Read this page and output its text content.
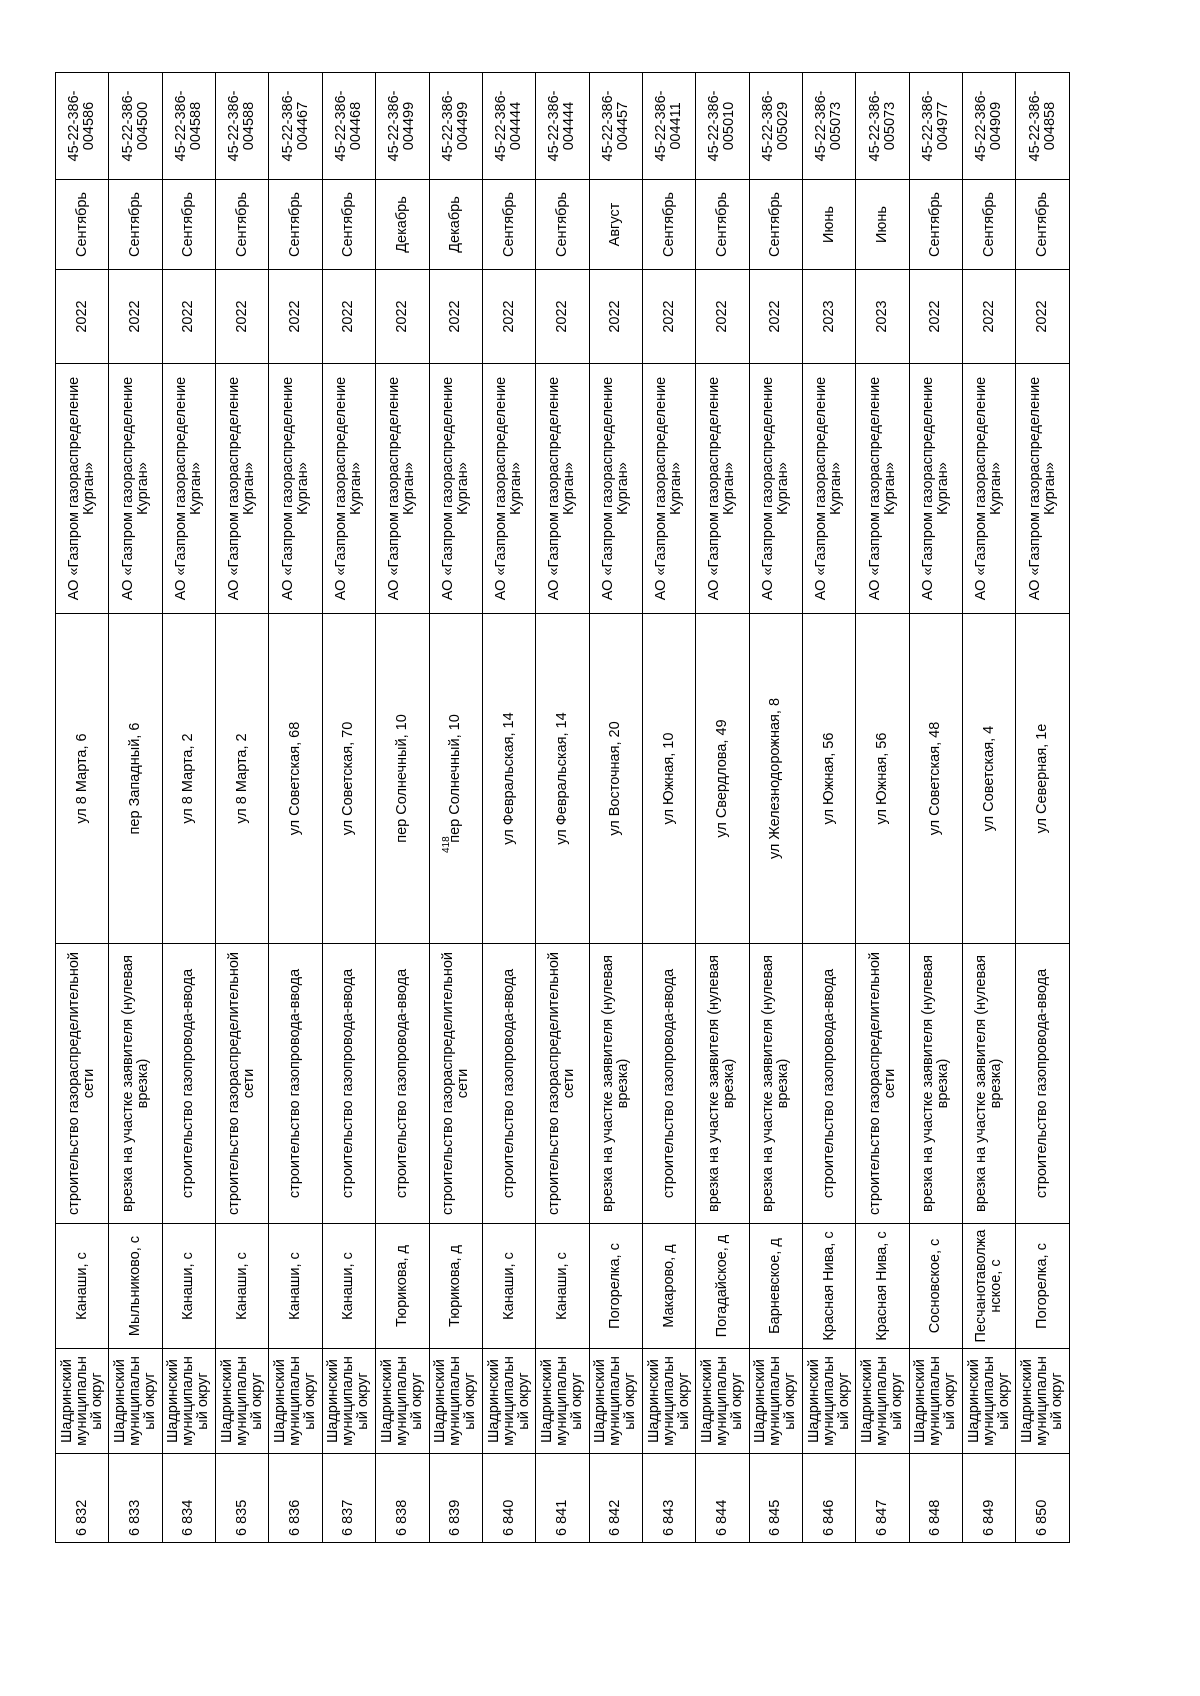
418
6 832	Шадринский муниципальный округ	Канаши, с	строительство газораспределительной сети	ул 8 Марта, 6	АО «Газпром газораспределение Курган»	2022	Сентябрь	45-22-386-004586
6 833	Шадринский муниципальный округ	Мыльниково, с	врезка на участке заявителя (нулевая врезка)	пер Западный, 6	АО «Газпром газораспределение Курган»	2022	Сентябрь	45-22-386-004500
6 834	Шадринский муниципальный округ	Канаши, с	строительство газопровода-ввода	ул 8 Марта, 2	АО «Газпром газораспределение Курган»	2022	Сентябрь	45-22-386-004588
6 835	Шадринский муниципальный округ	Канаши, с	строительство газораспределительной сети	ул 8 Марта, 2	АО «Газпром газораспределение Курган»	2022	Сентябрь	45-22-386-004588
6 836	Шадринский муниципальный округ	Канаши, с	строительство газопровода-ввода	ул Советская, 68	АО «Газпром газораспределение Курган»	2022	Сентябрь	45-22-386-004467
6 837	Шадринский муниципальный округ	Канаши, с	строительство газопровода-ввода	ул Советская, 70	АО «Газпром газораспределение Курган»	2022	Сентябрь	45-22-386-004468
6 838	Шадринский муниципальный округ	Тюрикова, д	строительство газопровода-ввода	пер Солнечный, 10	АО «Газпром газораспределение Курган»	2022	Декабрь	45-22-386-004499
6 839	Шадринский муниципальный округ	Тюрикова, д	строительство газораспределительной сети	пер Солнечный, 10	АО «Газпром газораспределение Курган»	2022	Декабрь	45-22-386-004499
6 840	Шадринский муниципальный округ	Канаши, с	строительство газопровода-ввода	ул Февральская, 14	АО «Газпром газораспределение Курган»	2022	Сентябрь	45-22-386-004444
6 841	Шадринский муниципальный округ	Канаши, с	строительство газораспределительной сети	ул Февральская, 14	АО «Газпром газораспределение Курган»	2022	Сентябрь	45-22-386-004444
6 842	Шадринский муниципальный округ	Погорелка, с	врезка на участке заявителя (нулевая врезка)	ул Восточная, 20	АО «Газпром газораспределение Курган»	2022	Август	45-22-386-004457
6 843	Шадринский муниципальный округ	Макарово, д	строительство газопровода-ввода	ул Южная, 10	АО «Газпром газораспределение Курган»	2022	Сентябрь	45-22-386-004411
6 844	Шадринский муниципальный округ	Погадайское, д	врезка на участке заявителя (нулевая врезка)	ул Свердлова, 49	АО «Газпром газораспределение Курган»	2022	Сентябрь	45-22-386-005010
6 845	Шадринский муниципальный округ	Барневское, д	врезка на участке заявителя (нулевая врезка)	ул Железнодорожная, 8	АО «Газпром газораспределение Курган»	2022	Сентябрь	45-22-386-005029
6 846	Шадринский муниципальный округ	Красная Нива, с	строительство газопровода-ввода	ул Южная, 56	АО «Газпром газораспределение Курган»	2023	Июнь	45-22-386-005073
6 847	Шадринский муниципальный округ	Красная Нива, с	строительство газораспределительной сети	ул Южная, 56	АО «Газпром газораспределение Курган»	2023	Июнь	45-22-386-005073
6 848	Шадринский муниципальный округ	Сосновское, с	врезка на участке заявителя (нулевая врезка)	ул Советская, 48	АО «Газпром газораспределение Курган»	2022	Сентябрь	45-22-386-004977
6 849	Шадринский муниципальный округ	Песчанотаволжанское, с	врезка на участке заявителя (нулевая врезка)	ул Советская, 4	АО «Газпром газораспределение Курган»	2022	Сентябрь	45-22-386-004909
6 850	Шадринский муниципальный округ	Погорелка, с	строительство газопровода-ввода	ул Северная, 1е	АО «Газпром газораспределение Курган»	2022	Сентябрь	45-22-386-004858
